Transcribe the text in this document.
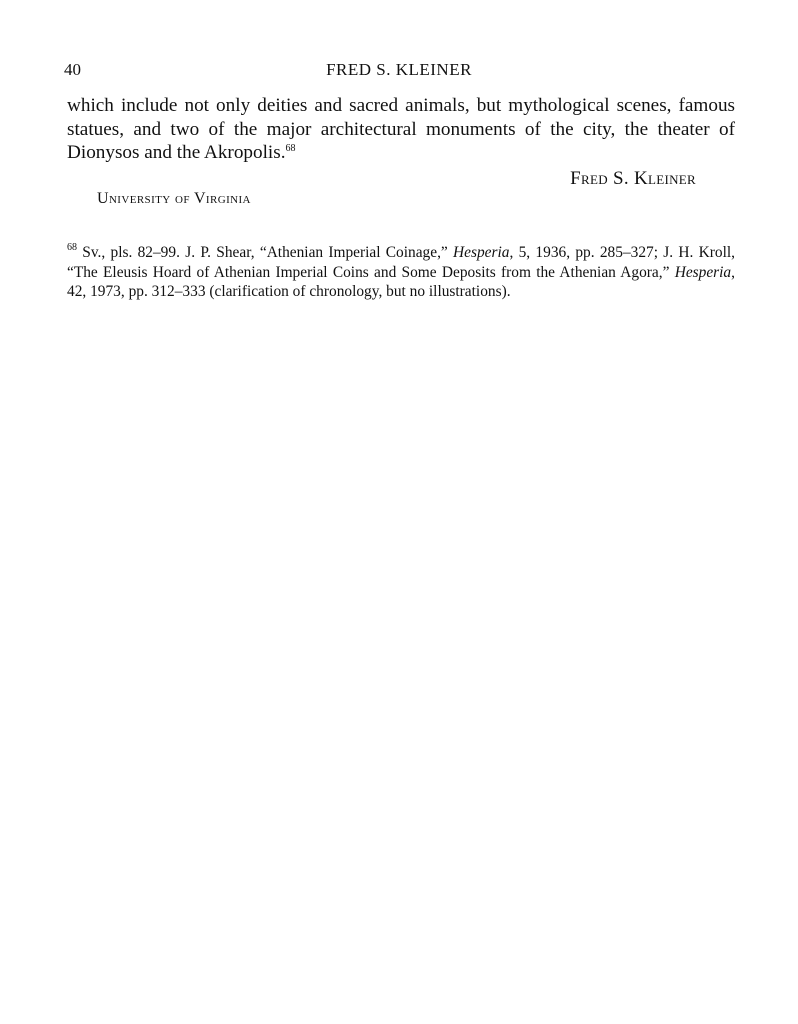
40	FRED S. KLEINER

which include not only deities and sacred animals, but mythological scenes, famous statues, and two of the major architectural monuments of the city, the theater of Dionysos and the Akropolis.$^{68}$

Fred S. Kleiner
University of Virginia

$^{68}$ Sv., pls. 82–99. J. P. Shear, “Athenian Imperial Coinage,” Hesperia, 5, 1936, pp. 285–327; J. H. Kroll, “The Eleusis Hoard of Athenian Imperial Coins and Some Deposits from the Athenian Agora,” Hesperia, 42, 1973, pp. 312–333 (clarification of chronology, but no illustrations).
